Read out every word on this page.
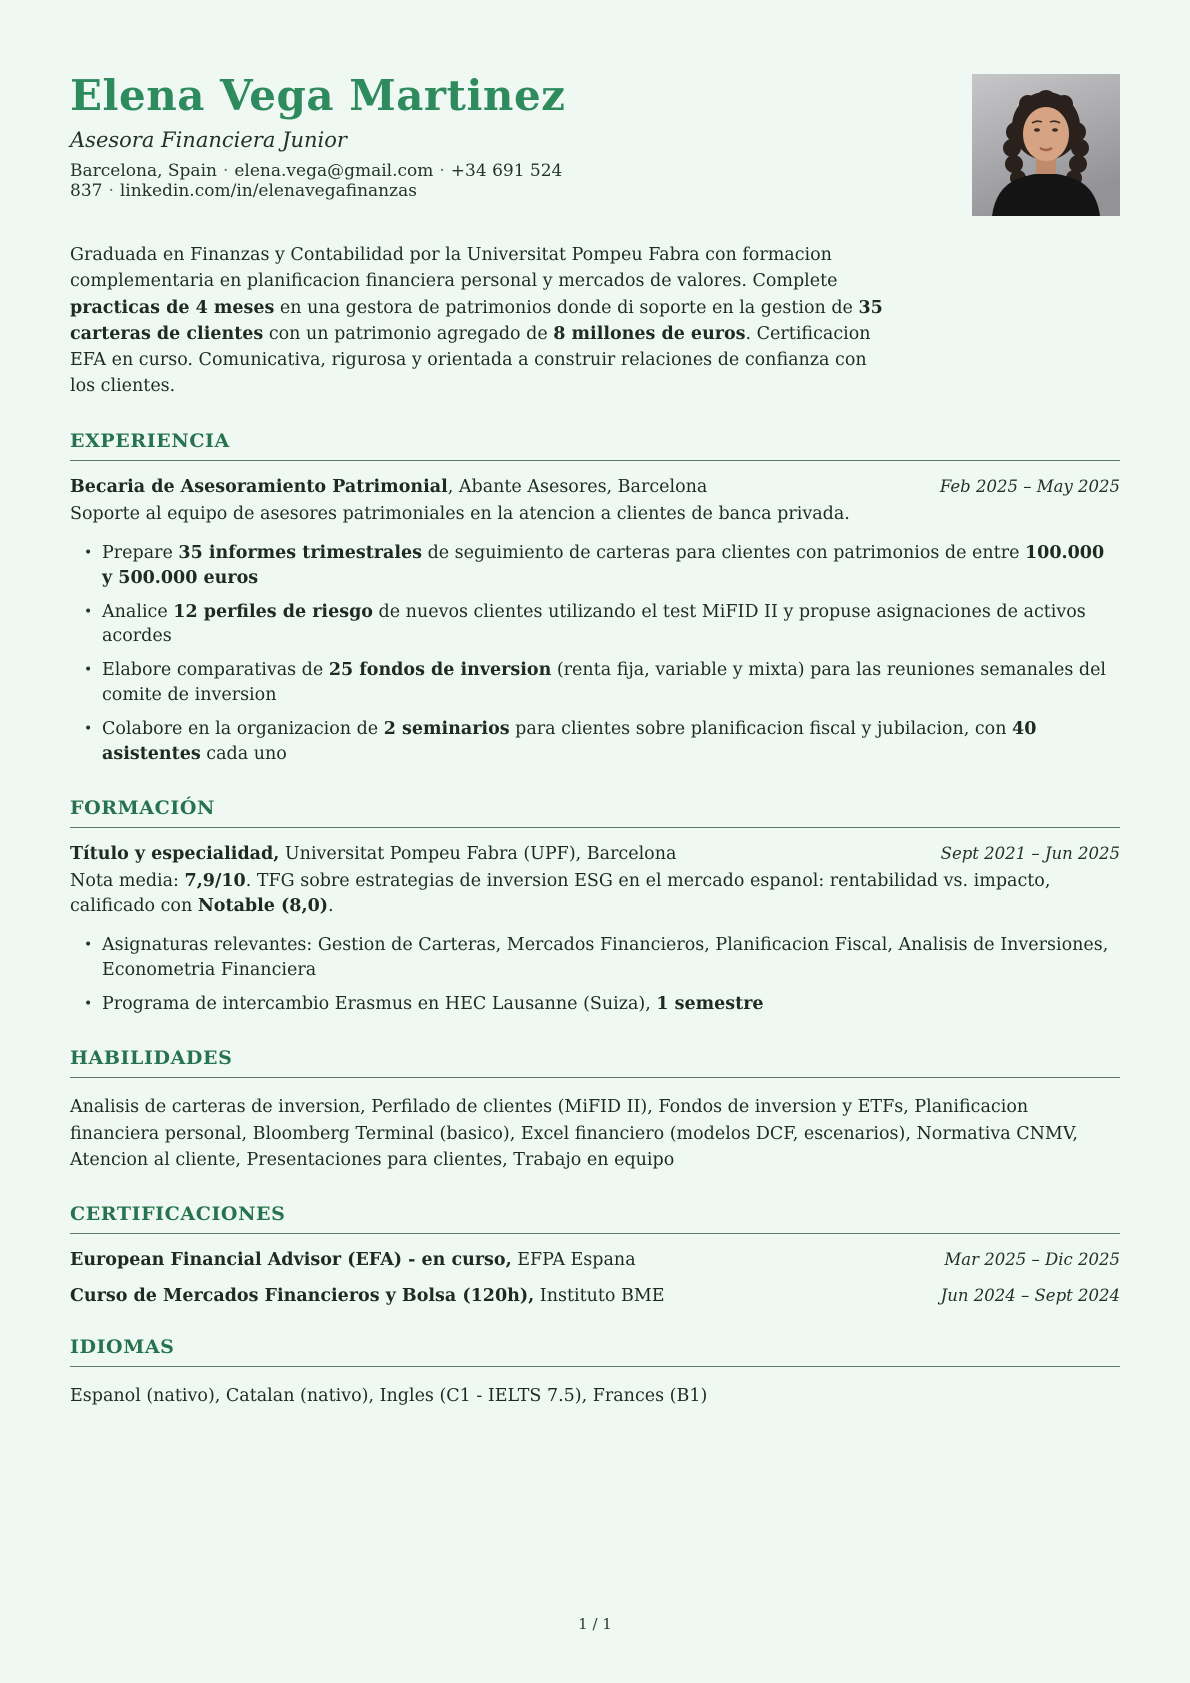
Elena Vega Martinez
Asesora Financiera Junior
Barcelona, Spain · elena.vega@gmail.com · +34 691 524 837 · linkedin.com/in/elenavegafinanzas

Graduada en Finanzas y Contabilidad por la Universitat Pompeu Fabra con formacion complementaria en planificacion financiera personal y mercados de valores. Complete practicas de 4 meses en una gestora de patrimonios donde di soporte en la gestion de 35 carteras de clientes con un patrimonio agregado de 8 millones de euros. Certificacion EFA en curso. Comunicativa, rigurosa y orientada a construir relaciones de confianza con los clientes.

EXPERIENCIA
Becaria de Asesoramiento Patrimonial, Abante Asesores, Barcelona	Feb 2025 – May 2025
Soporte al equipo de asesores patrimoniales en la atencion a clientes de banca privada.
• Prepare 35 informes trimestrales de seguimiento de carteras para clientes con patrimonios de entre 100.000 y 500.000 euros
• Analice 12 perfiles de riesgo de nuevos clientes utilizando el test MiFID II y propuse asignaciones de activos acordes
• Elabore comparativas de 25 fondos de inversion (renta fija, variable y mixta) para las reuniones semanales del comite de inversion
• Colabore en la organizacion de 2 seminarios para clientes sobre planificacion fiscal y jubilacion, con 40 asistentes cada uno
FORMACIÓN
Título y especialidad, Universitat Pompeu Fabra (UPF), Barcelona	Sept 2021 – Jun 2025
Nota media: 7,9/10. TFG sobre estrategias de inversion ESG en el mercado espanol: rentabilidad vs. impacto, calificado con Notable (8,0).
• Asignaturas relevantes: Gestion de Carteras, Mercados Financieros, Planificacion Fiscal, Analisis de Inversiones, Econometria Financiera
• Programa de intercambio Erasmus en HEC Lausanne (Suiza), 1 semestre
HABILIDADES

Analisis de carteras de inversion, Perfilado de clientes (MiFID II), Fondos de inversion y ETFs, Planificacion financiera personal, Bloomberg Terminal (basico), Excel financiero (modelos DCF, escenarios), Normativa CNMV, Atencion al cliente, Presentaciones para clientes, Trabajo en equipo

CERTIFICACIONES
European Financial Advisor (EFA) - en curso, EFPA Espana	Mar 2025 – Dic 2025
Curso de Mercados Financieros y Bolsa (120h), Instituto BME	Jun 2024 – Sept 2024
IDIOMAS

Espanol (nativo), Catalan (nativo), Ingles (C1 - IELTS 7.5), Frances (B1)

1 / 1
